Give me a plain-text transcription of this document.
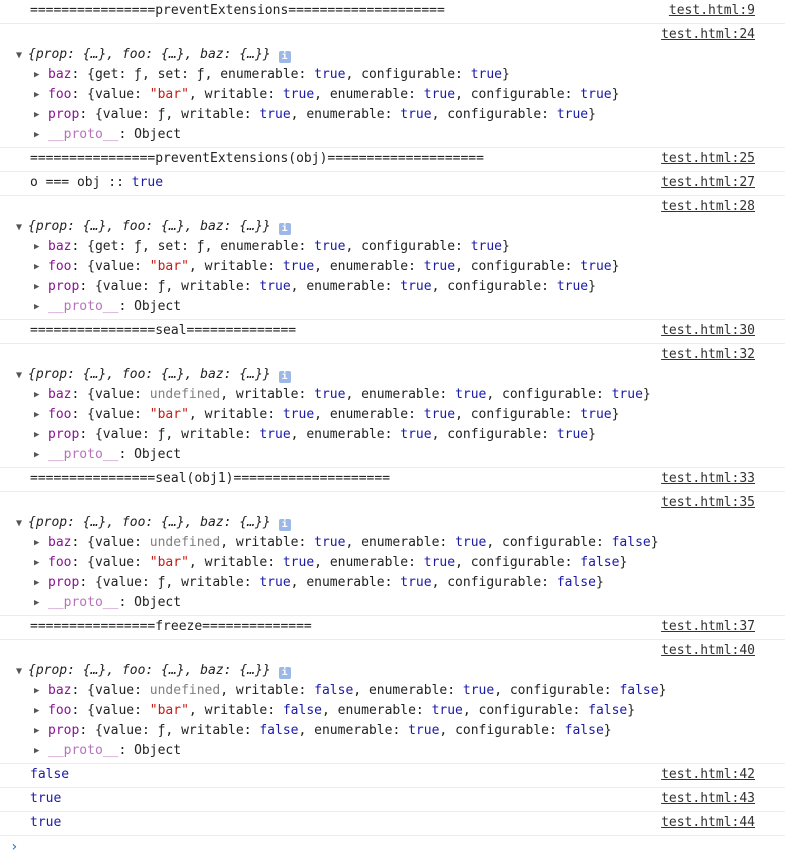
================preventExtensions====================	test.html:9
test.html:24
▼ {prop: {…}, foo: {…}, baz: {…}} i
▶ baz: {get: ƒ, set: ƒ, enumerable: true, configurable: true}
▶ foo: {value: "bar", writable: true, enumerable: true, configurable: true}
▶ prop: {value: ƒ, writable: true, enumerable: true, configurable: true}
▶ __proto__: Object
================preventExtensions(obj)====================	test.html:25
o === obj :: true	test.html:27
test.html:28
▼ {prop: {…}, foo: {…}, baz: {…}} i
▶ baz: {get: ƒ, set: ƒ, enumerable: true, configurable: true}
▶ foo: {value: "bar", writable: true, enumerable: true, configurable: true}
▶ prop: {value: ƒ, writable: true, enumerable: true, configurable: true}
▶ __proto__: Object
================seal==============	test.html:30
test.html:32
▼ {prop: {…}, foo: {…}, baz: {…}} i
▶ baz: {value: undefined, writable: true, enumerable: true, configurable: true}
▶ foo: {value: "bar", writable: true, enumerable: true, configurable: true}
▶ prop: {value: ƒ, writable: true, enumerable: true, configurable: true}
▶ __proto__: Object
================seal(obj1)====================	test.html:33
test.html:35
▼ {prop: {…}, foo: {…}, baz: {…}} i
▶ baz: {value: undefined, writable: true, enumerable: true, configurable: false}
▶ foo: {value: "bar", writable: true, enumerable: true, configurable: false}
▶ prop: {value: ƒ, writable: true, enumerable: true, configurable: false}
▶ __proto__: Object
================freeze==============	test.html:37
test.html:40
▼ {prop: {…}, foo: {…}, baz: {…}} i
▶ baz: {value: undefined, writable: false, enumerable: true, configurable: false}
▶ foo: {value: "bar", writable: false, enumerable: true, configurable: false}
▶ prop: {value: ƒ, writable: false, enumerable: true, configurable: false}
▶ __proto__: Object
false	test.html:42
true	test.html:43
true	test.html:44
›
